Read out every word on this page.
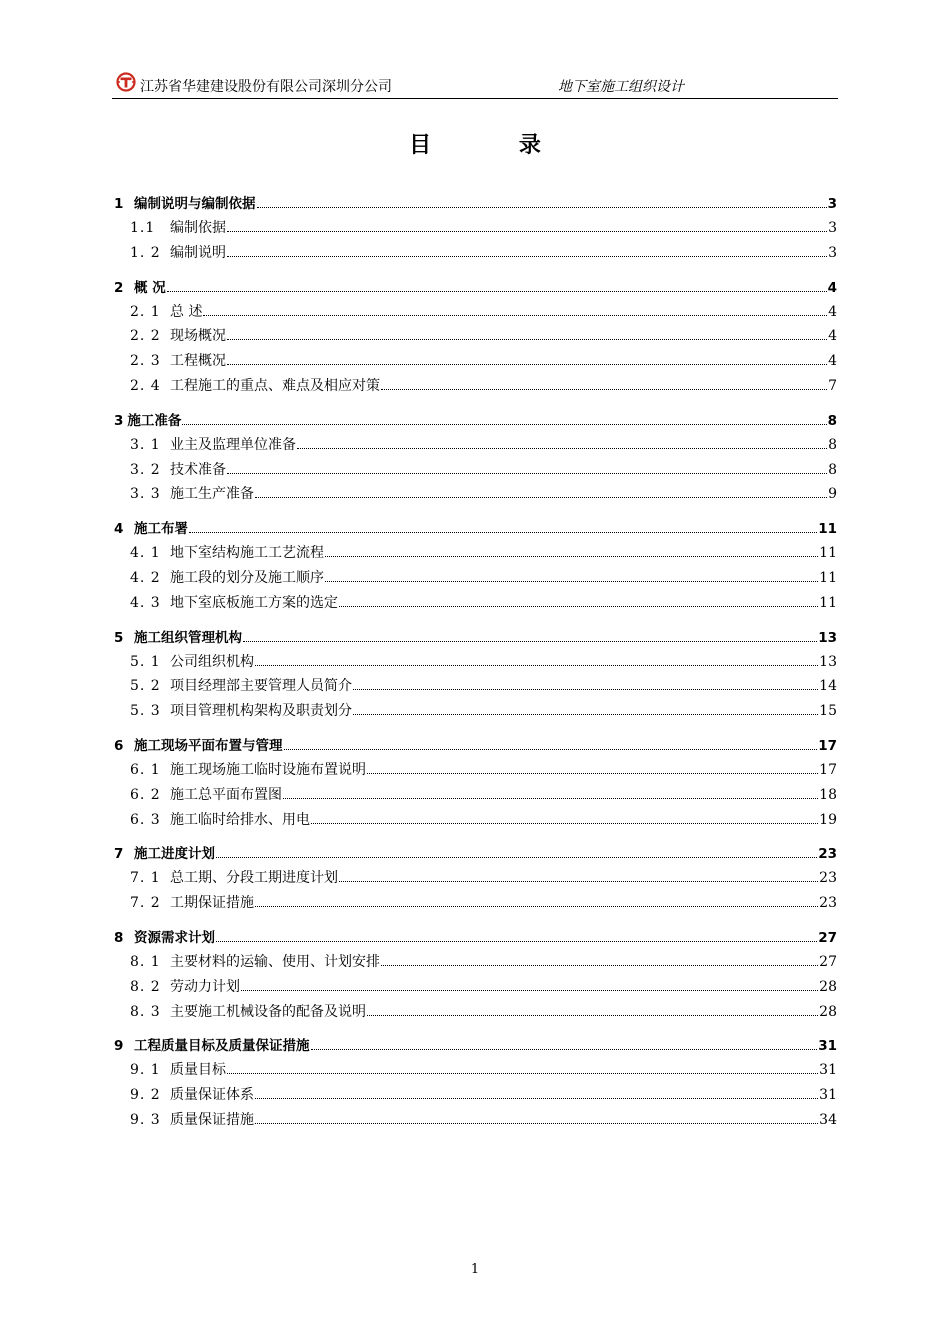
江苏省华建建设股份有限公司深圳分公司	地下室施工组织设计
目 录
1 编制说明与编制依据	3
1.1	编制依据	3
1. 2 编制说明	3
2 概 况	4
2. 1 总 述	4
2. 2 现场概况	4
2. 3 工程概况	4
2. 4 工程施工的重点、难点及相应对策	7
3 施工准备	8
3. 1 业主及监理单位准备	8
3. 2 技术准备	8
3. 3 施工生产准备	9
4 施工布署	11
4. 1 地下室结构施工工艺流程	11
4. 2 施工段的划分及施工顺序	11
4. 3 地下室底板施工方案的选定	11
5 施工组织管理机构	13
5. 1 公司组织机构	13
5. 2 项目经理部主要管理人员简介	14
5. 3 项目管理机构架构及职责划分	15
6 施工现场平面布置与管理	17
6. 1 施工现场施工临时设施布置说明	17
6. 2 施工总平面布置图	18
6. 3 施工临时给排水、用电	19
7 施工进度计划	23
7. 1 总工期、分段工期进度计划	23
7. 2 工期保证措施	23
8 资源需求计划	27
8. 1 主要材料的运输、使用、计划安排	27
8. 2 劳动力计划	28
8. 3 主要施工机械设备的配备及说明	28
9 工程质量目标及质量保证措施	31
9. 1 质量目标	31
9. 2 质量保证体系	31
9. 3 质量保证措施	34
1
